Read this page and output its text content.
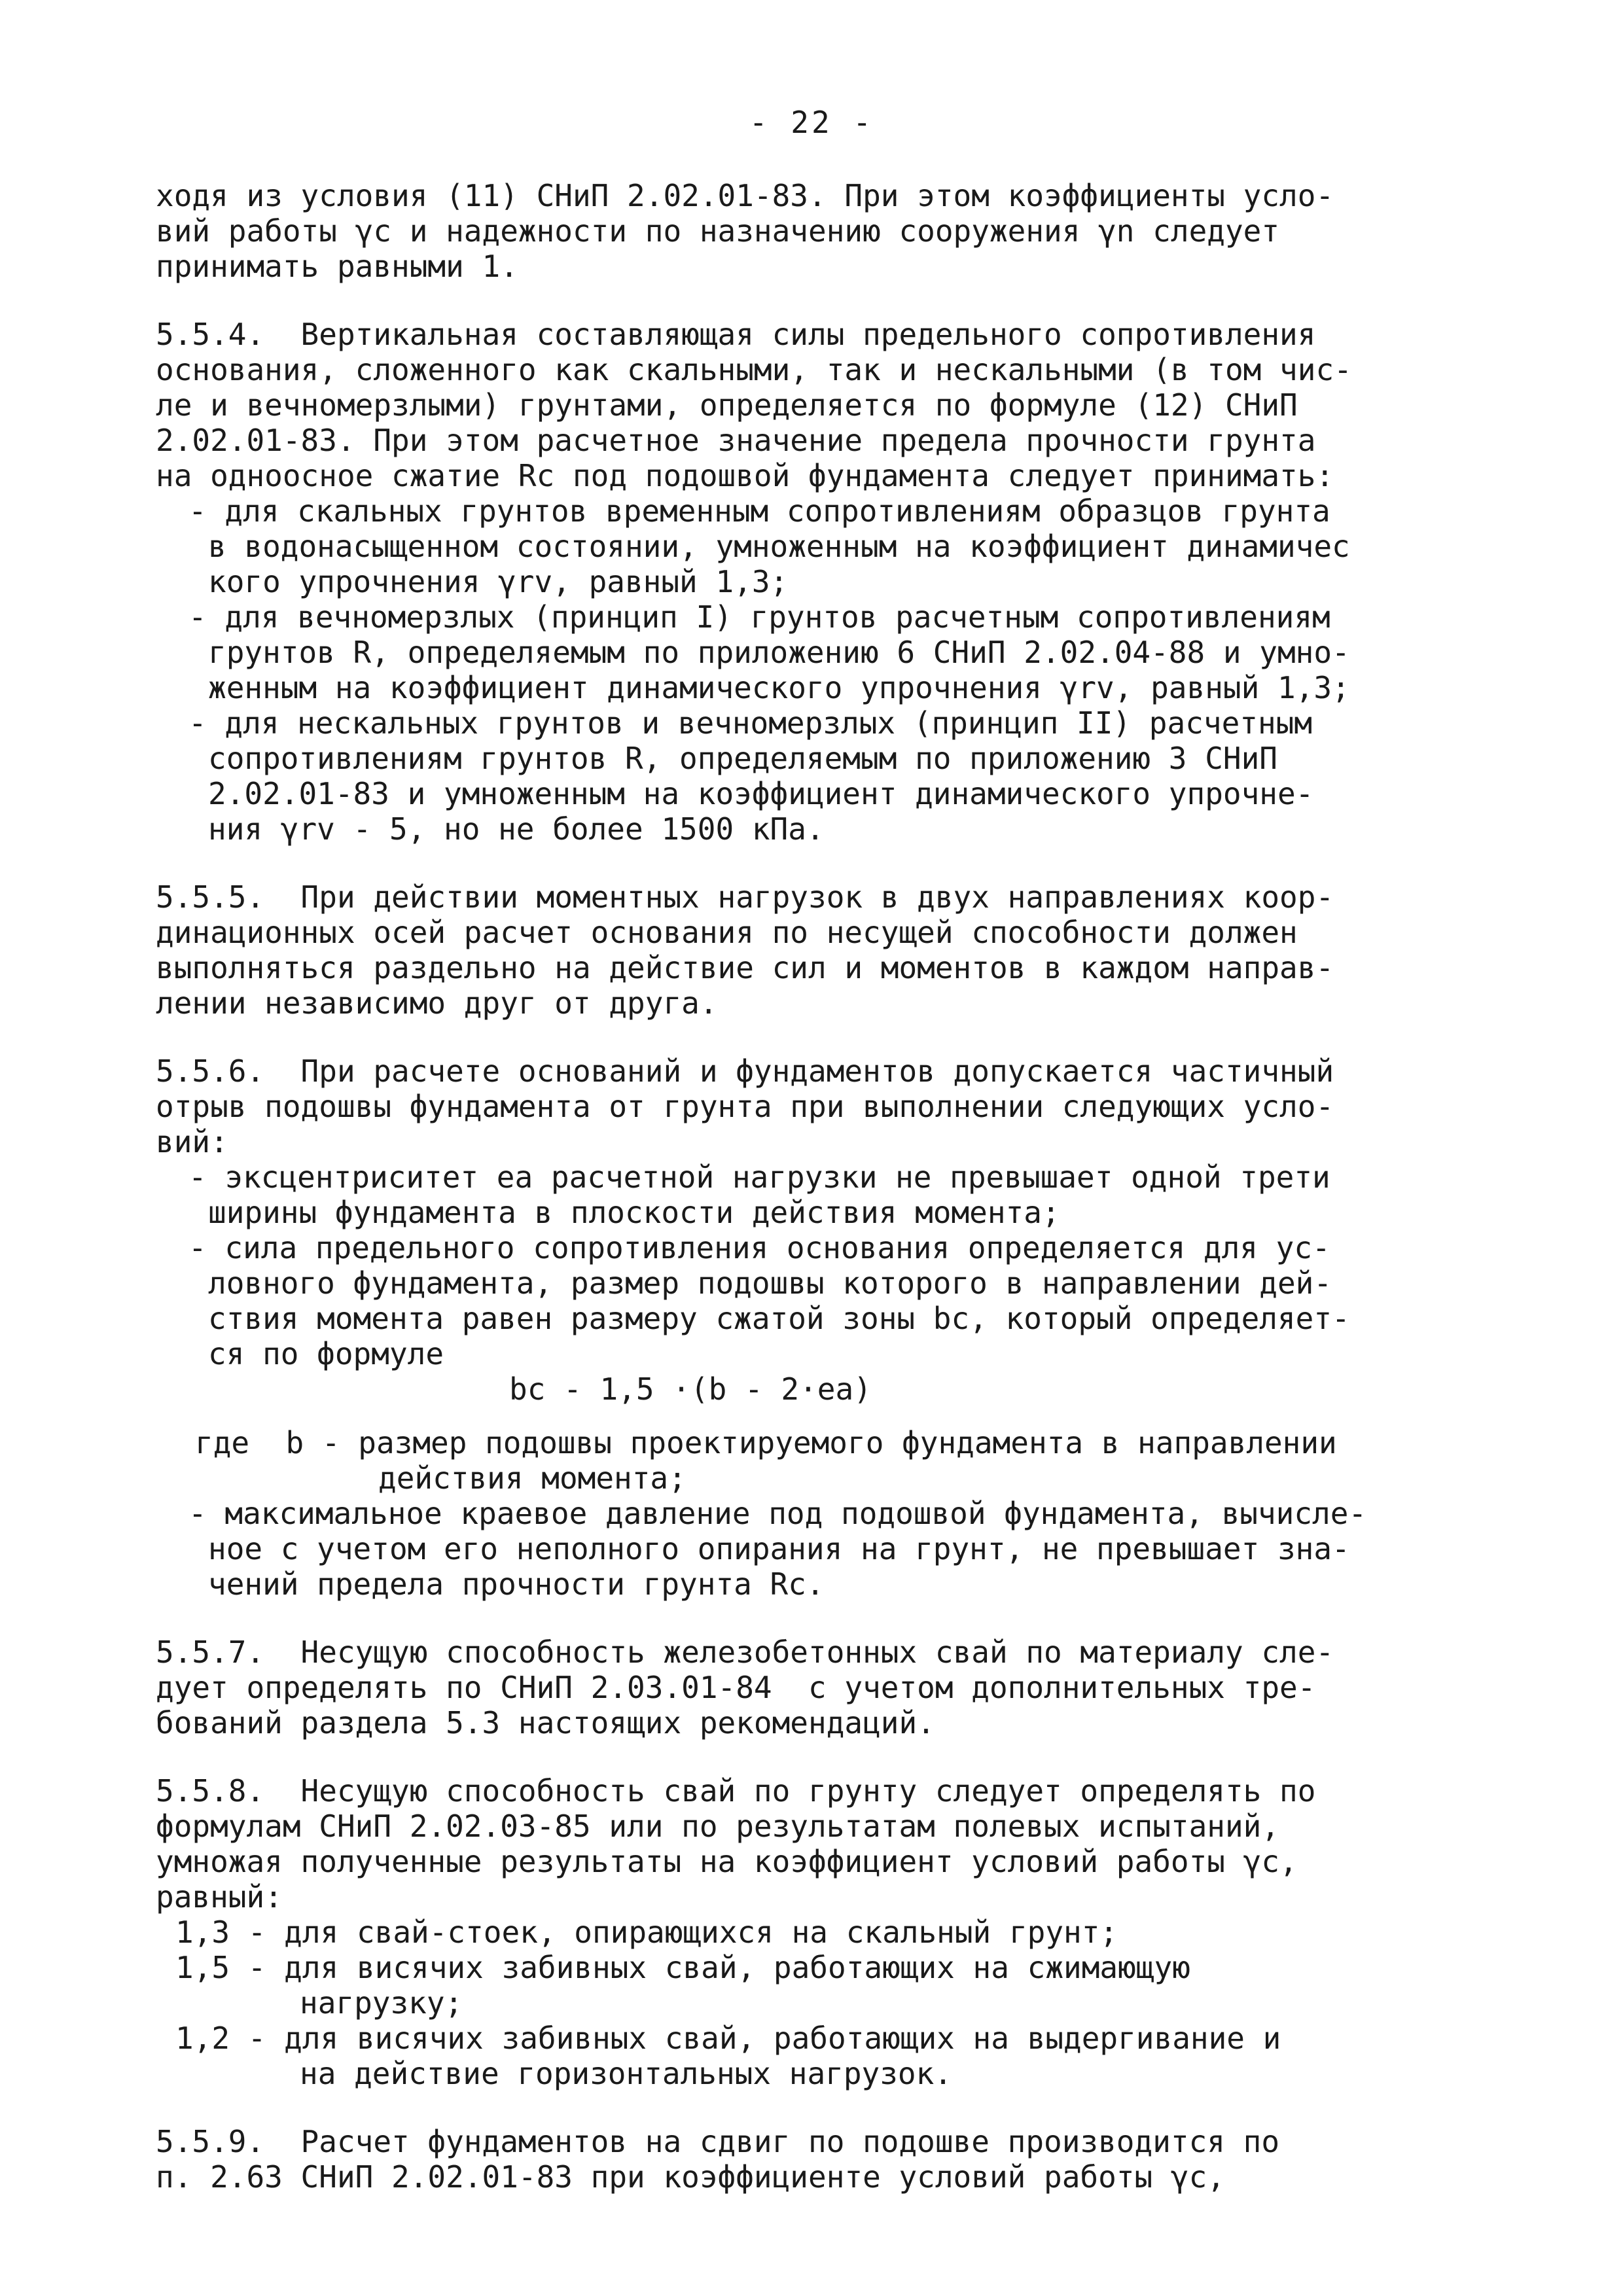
- 22 -
ходя из условия (11) СНиП 2.02.01-83. При этом коэффициенты усло-
вий работы γc и надежности по назначению сооружения γn следует
принимать равными 1.
5.5.4.  Вертикальная составляющая силы предельного сопротивления
основания, сложенного как скальными, так и нескальными (в том чис-
ле и вечномерзлыми) грунтами, определяется по формуле (12) СНиП
2.02.01-83. При этом расчетное значение предела прочности грунта
на одноосное сжатие Rc под подошвой фундамента следует принимать:
- для скальных грунтов временным сопротивлениям образцов грунта
в водонасыщенном состоянии, умноженным на коэффициент динамичес
кого упрочнения γrv, равный 1,3;
- для вечномерзлых (принцип I) грунтов расчетным сопротивлениям
грунтов R, определяемым по приложению 6 СНиП 2.02.04-88 и умно-
женным на коэффициент динамического упрочнения γrv, равный 1,3;
- для нескальных грунтов и вечномерзлых (принцип II) расчетным
сопротивлениям грунтов R, определяемым по приложению 3 СНиП
2.02.01-83 и умноженным на коэффициент динамического упрочне-
ния γrv - 5, но не более 1500 кПа.
5.5.5.  При действии моментных нагрузок в двух направлениях коор-
динационных осей расчет основания по несущей способности должен
выполняться раздельно на действие сил и моментов в каждом направ-
лении независимо друг от друга.
5.5.6.  При расчете оснований и фундаментов допускается частичный
отрыв подошвы фундамента от грунта при выполнении следующих усло-
вий:
- эксцентриситет ea расчетной нагрузки не превышает одной трети
ширины фундамента в плоскости действия момента;
- сила предельного сопротивления основания определяется для ус-
ловного фундамента, размер подошвы которого в направлении дей-
ствия момента равен размеру сжатой зоны bc, который определяет-
ся по формуле
bc - 1,5 ·(b - 2·ea)
где  b - размер подошвы проектируемого фундамента в направлении
действия момента;
- максимальное краевое давление под подошвой фундамента, вычисле-
ное с учетом его неполного опирания на грунт, не превышает зна-
чений предела прочности грунта Rc.
5.5.7.  Несущую способность железобетонных свай по материалу сле-
дует определять по СНиП 2.03.01-84  с учетом дополнительных тре-
бований раздела 5.3 настоящих рекомендаций.
5.5.8.  Несущую способность свай по грунту следует определять по
формулам СНиП 2.02.03-85 или по результатам полевых испытаний,
умножая полученные результаты на коэффициент условий работы γc,
равный:
1,3 - для свай-стоек, опирающихся на скальный грунт;
1,5 - для висячих забивных свай, работающих на сжимающую
нагрузку;
1,2 - для висячих забивных свай, работающих на выдергивание и
на действие горизонтальных нагрузок.
5.5.9.  Расчет фундаментов на сдвиг по подошве производится по
п. 2.63 СНиП 2.02.01-83 при коэффициенте условий работы γc,
